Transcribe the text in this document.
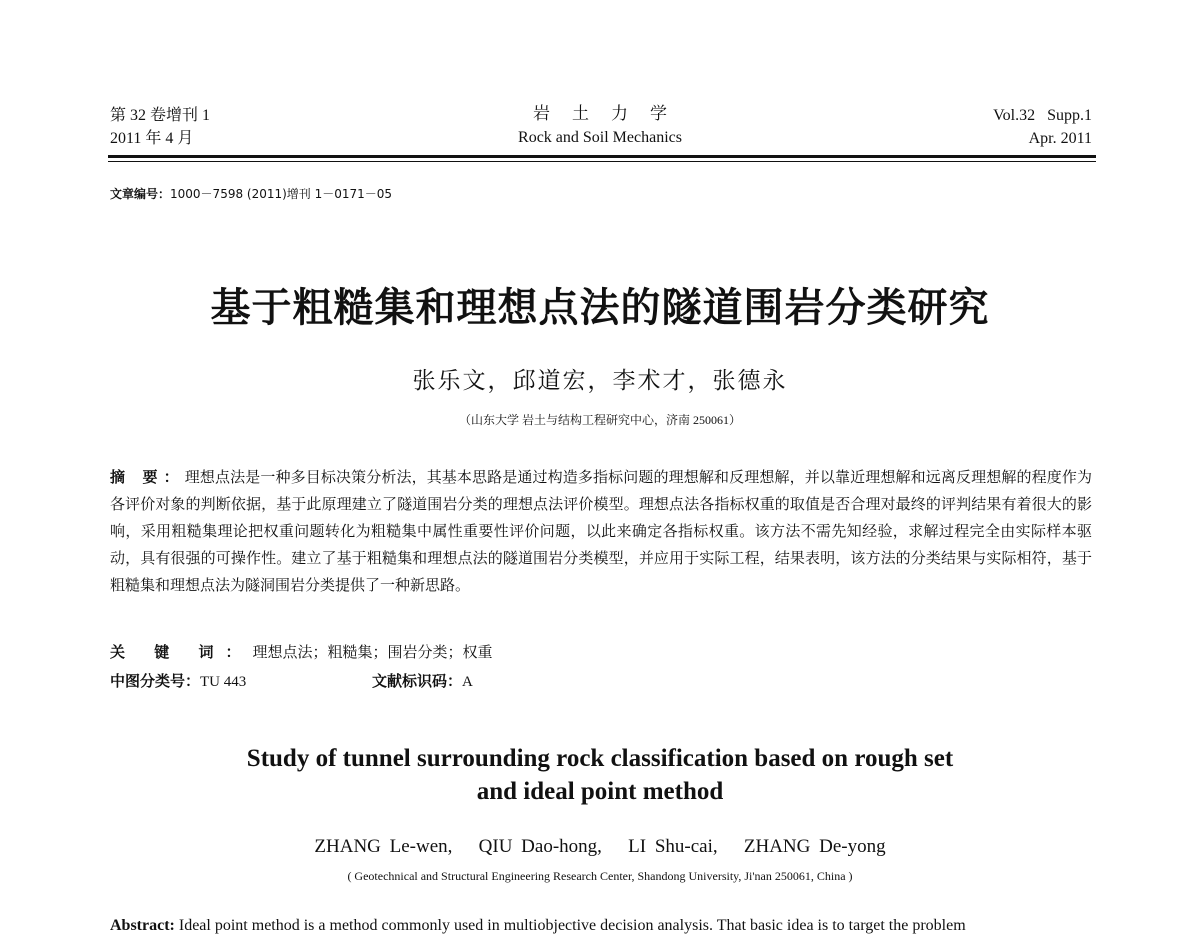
第 32 卷增刊 1
2011 年 4 月
岩土力学
Rock and Soil Mechanics
Vol.32   Supp.1
Apr. 2011
文章编号：1000－7598 (2011)增刊 1－0171－05
基于粗糙集和理想点法的隧道围岩分类研究
张乐文，邱道宏，李术才，张德永
（山东大学 岩土与结构工程研究中心，济南 250061）
摘 要：理想点法是一种多目标决策分析法，其基本思路是通过构造多指标问题的理想解和反理想解，并以靠近理想解和远离反理想解的程度作为各评价对象的判断依据，基于此原理建立了隧道围岩分类的理想点法评价模型。理想点法各指标权重的取值是否合理对最终的评判结果有着很大的影响，采用粗糙集理论把权重问题转化为粗糙集中属性重要性评价问题，以此来确定各指标权重。该方法不需先知经验，求解过程完全由实际样本驱动，具有很强的可操作性。建立了基于粗糙集和理想点法的隧道围岩分类模型，并应用于实际工程，结果表明，该方法的分类结果与实际相符，基于粗糙集和理想点法为隧洞围岩分类提供了一种新思路。
关 键 词：理想点法；粗糙集；围岩分类；权重
中图分类号：TU 443	文献标识码：A
Study of tunnel surrounding rock classification based on rough set
and ideal point method
ZHANG Le-wen,   QIU Dao-hong,   LI Shu-cai,   ZHANG De-yong
( Geotechnical and Structural Engineering Research Center, Shandong University, Ji'nan 250061, China )
Abstract: Ideal point method is a method commonly used in multiobjective decision analysis. That basic idea is to target the problem
